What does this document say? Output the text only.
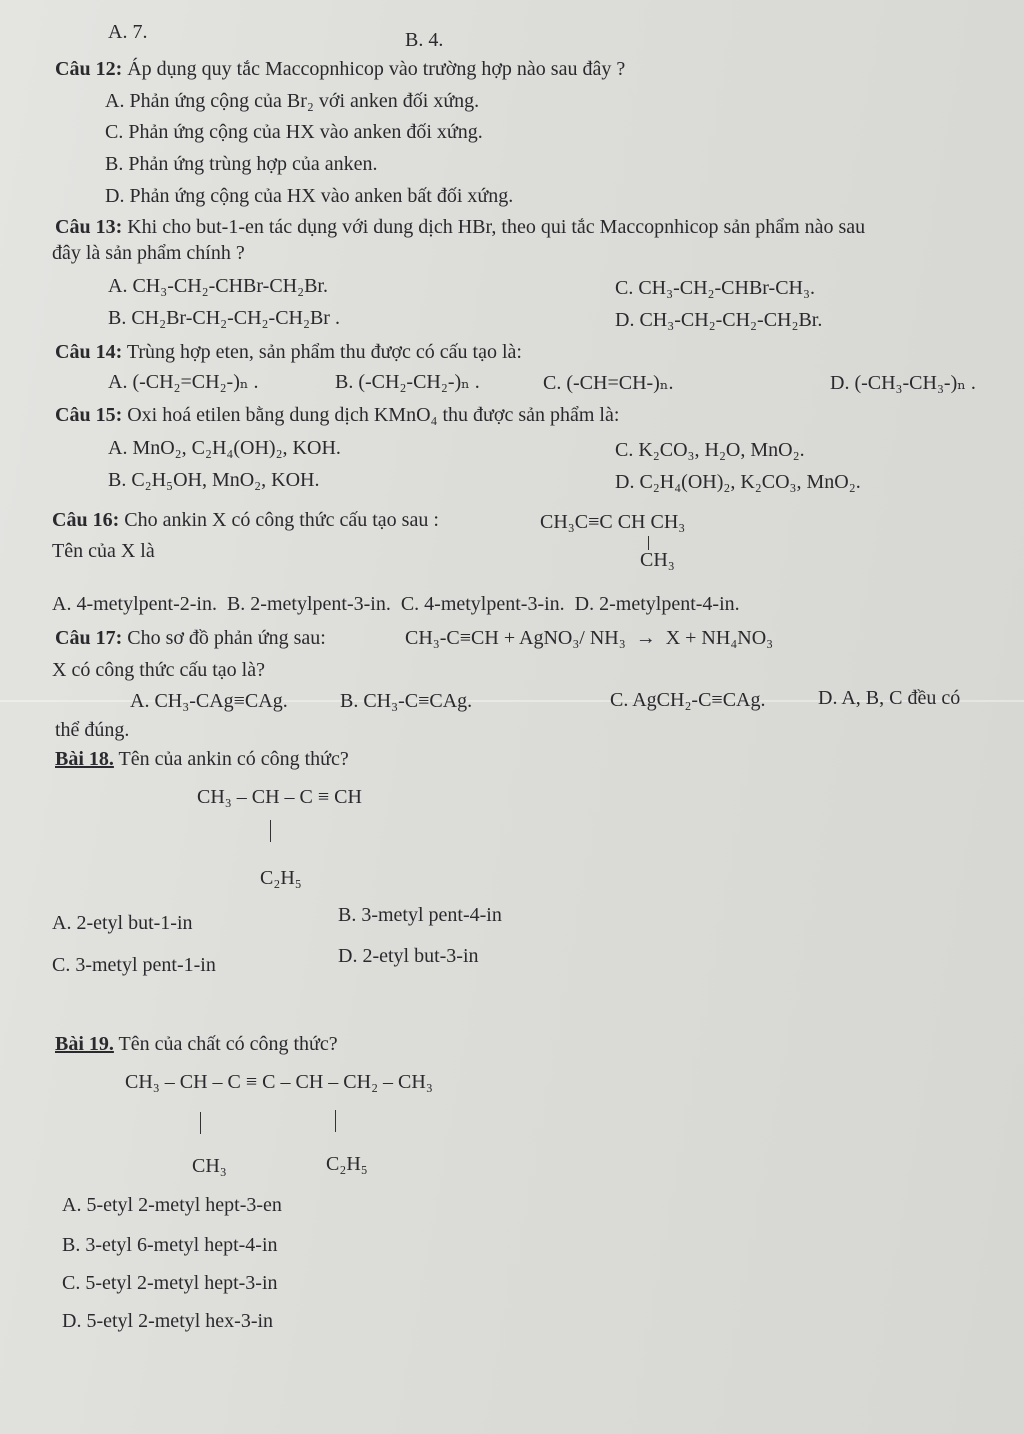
A. 7.	B. 4.
Câu 12: Áp dụng quy tắc Maccopnhicop vào trường hợp nào sau đây ?
A. Phản ứng cộng của Br₂ với anken đối xứng.
C. Phản ứng cộng của HX vào anken đối xứng.
B. Phản ứng trùng hợp của anken.
D. Phản ứng cộng của HX vào anken bất đối xứng.
Câu 13: Khi cho but-1-en tác dụng với dung dịch HBr, theo qui tắc Maccopnhicop sản phẩm nào sau
đây là sản phẩm chính ?
A. CH₃-CH₂-CHBr-CH₂Br.	C. CH₃-CH₂-CHBr-CH₃.
B. CH₂Br-CH₂-CH₂-CH₂Br .	D. CH₃-CH₂-CH₂-CH₂Br.
Câu 14: Trùng hợp eten, sản phẩm thu được có cấu tạo là:
A. (-CH₂=CH₂-)ₙ .	B. (-CH₂-CH₂-)ₙ .	C. (-CH=CH-)ₙ.	D. (-CH₃-CH₃-)ₙ .
Câu 15: Oxi hoá etilen bằng dung dịch KMnO₄ thu được sản phẩm là:
A. MnO₂, C₂H₄(OH)₂, KOH.	C. K₂CO₃, H₂O, MnO₂.
B. C₂H₅OH, MnO₂, KOH.	D. C₂H₄(OH)₂, K₂CO₃, MnO₂.
Câu 16: Cho ankin X có công thức cấu tạo sau :	CH₃C≡C CH CH₃
CH₃
Tên của X là
A. 4-metylpent-2-in.  B. 2-metylpent-3-in.  C. 4-metylpent-3-in.  D. 2-metylpent-4-in.
Câu 17: Cho sơ đồ phản ứng sau:	CH₃-C≡CH + AgNO₃/ NH₃  →  X + NH₄NO₃
X có công thức cấu tạo là?
A. CH₃-CAg≡CAg.	B. CH₃-C≡CAg.	C. AgCH₂-C≡CAg.	D. A, B, C đều có
thể đúng.
Bài 18. Tên của ankin có công thức?
CH₃ – CH – C ≡ CH
C₂H₅
A. 2-etyl but-1-in	B. 3-metyl pent-4-in
C. 3-metyl pent-1-in	D. 2-etyl but-3-in
Bài 19. Tên của chất có công thức?
CH₃ – CH – C ≡ C – CH – CH₂ – CH₃
CH₃	C₂H₅
A. 5-etyl 2-metyl hept-3-en
B. 3-etyl 6-metyl hept-4-in
C. 5-etyl 2-metyl hept-3-in
D. 5-etyl 2-metyl hex-3-in
